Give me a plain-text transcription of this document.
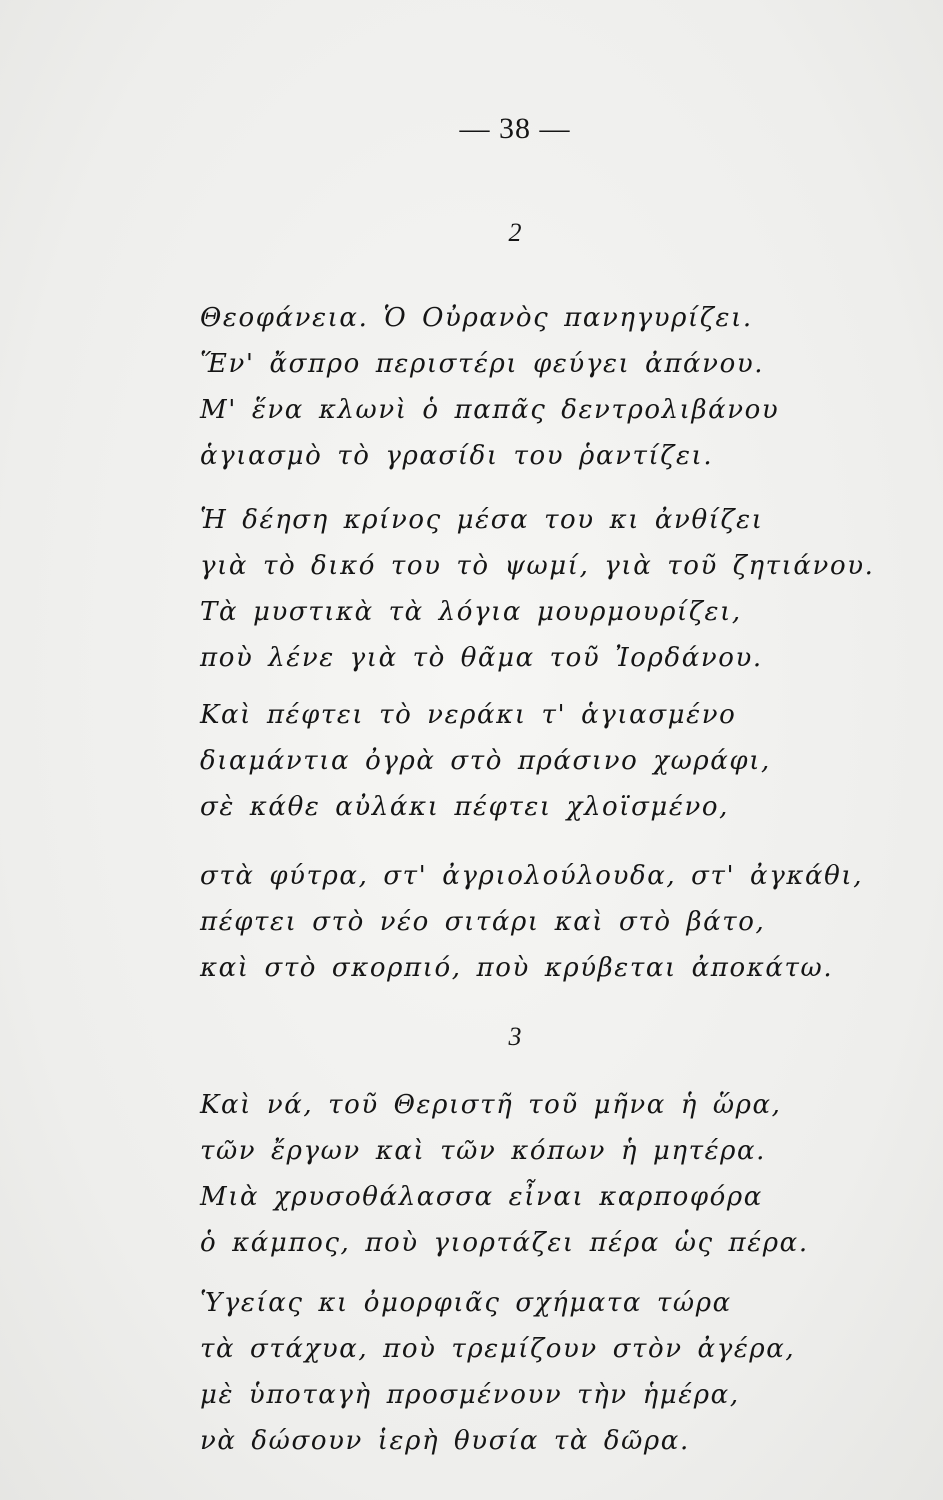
— 38 —
2
Θεοφάνεια. Ὁ Οὐρανὸς πανηγυρίζει.
Ἕν' ἄσπρο περιστέρι φεύγει ἀπάνου.
Μ' ἕνα κλωνὶ ὁ παπᾶς δεντρολιβάνου
ἁγιασμὸ τὸ γρασίδι του ῥαντίζει.
Ἡ δέηση κρίνος μέσα του κι ἀνθίζει
γιὰ τὸ δικό του τὸ ψωμί, γιὰ τοῦ ζητιάνου.
Τὰ μυστικὰ τὰ λόγια μουρμουρίζει,
ποὺ λένε γιὰ τὸ θᾶμα τοῦ Ἰορδάνου.
Καὶ πέφτει τὸ νεράκι τ' ἁγιασμένο
διαμάντια ὀγρὰ στὸ πράσινο χωράφι,
σὲ κάθε αὐλάκι πέφτει χλοϊσμένο,
στὰ φύτρα, στ' ἀγριολούλουδα, στ' ἀγκάθι,
πέφτει στὸ νέο σιτάρι καὶ στὸ βάτο,
καὶ στὸ σκορπιό, ποὺ κρύβεται ἀποκάτω.
3
Καὶ νά, τοῦ Θεριστῆ τοῦ μῆνα ἡ ὥρα,
τῶν ἔργων καὶ τῶν κόπων ἡ μητέρα.
Μιὰ χρυσοθάλασσα εἶναι καρποφόρα
ὁ κάμπος, ποὺ γιορτάζει πέρα ὡς πέρα.
Ὑγείας κι ὀμορφιᾶς σχήματα τώρα
τὰ στάχυα, ποὺ τρεμίζουν στὸν ἀγέρα,
μὲ ὑποταγὴ προσμένουν τὴν ἡμέρα,
νὰ δώσουν ἱερὴ θυσία τὰ δῶρα.
